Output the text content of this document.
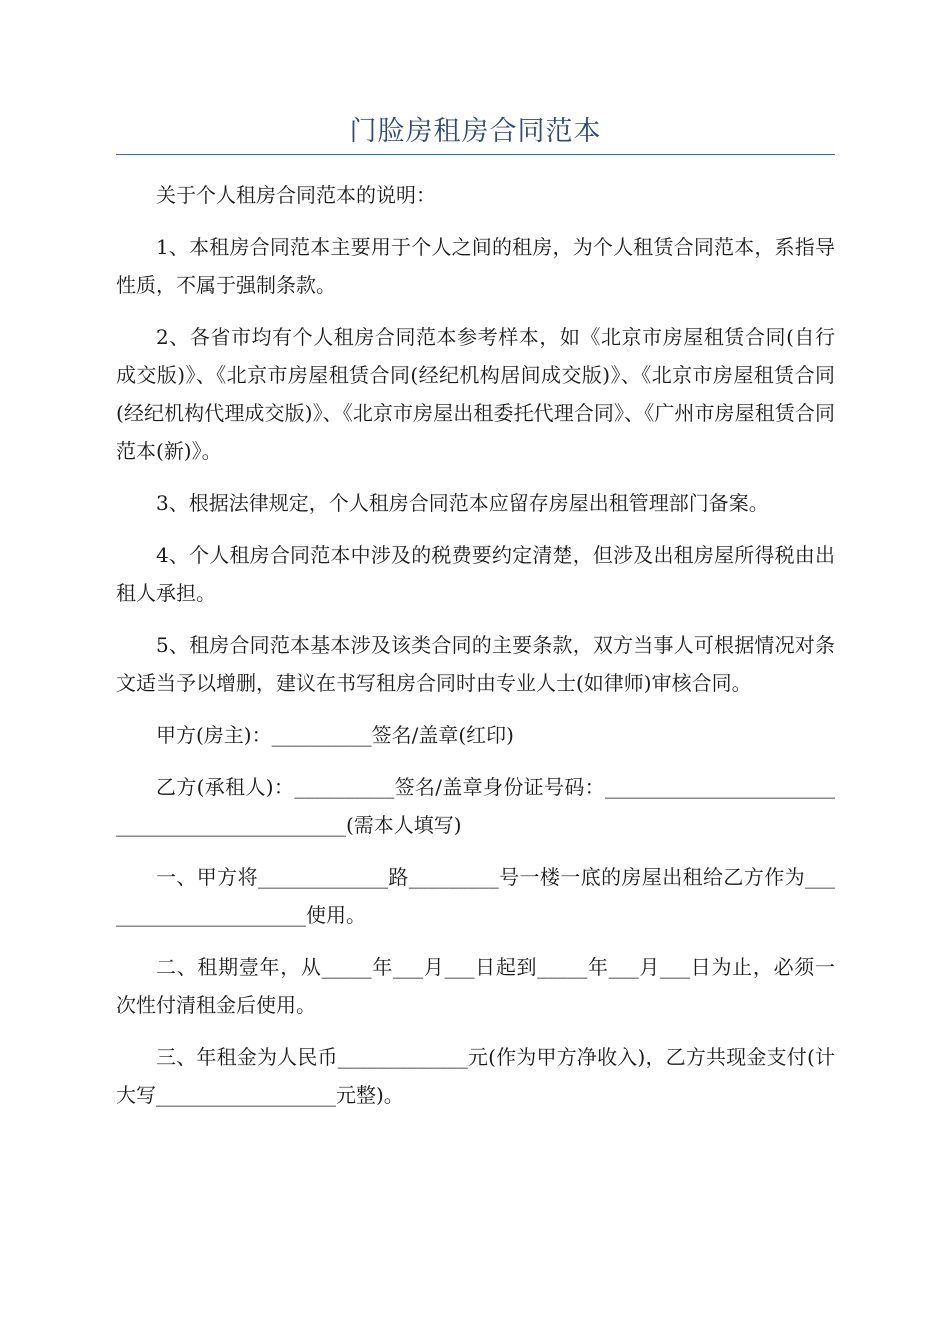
门脸房租房合同范本

关于个人租房合同范本的说明：

1、本租房合同范本主要用于个人之间的租房，为个人租赁合同范本，系指导性质，不属于强制条款。

2、各省市均有个人租房合同范本参考样本，如《北京市房屋租赁合同(自行成交版)》、《北京市房屋租赁合同(经纪机构居间成交版)》、《北京市房屋租赁合同(经纪机构代理成交版)》、《北京市房屋出租委托代理合同》、《广州市房屋租赁合同范本(新)》。

3、根据法律规定，个人租房合同范本应留存房屋出租管理部门备案。

4、个人租房合同范本中涉及的税费要约定清楚，但涉及出租房屋所得税由出租人承担。

5、租房合同范本基本涉及该类合同的主要条款，双方当事人可根据情况对条文适当予以增删，建议在书写租房合同时由专业人士(如律师)审核合同。

甲方(房主)：__________签名/盖章(红印)

乙方(承租人)：__________签名/盖章身份证号码：______________________________________________(需本人填写)

一、甲方将_____________路_________号一楼一底的房屋出租给乙方作为______________________使用。

二、租期壹年，从_____年___月___日起到_____年___月___日为止，必须一次性付清租金后使用。

三、年租金为人民币_____________元(作为甲方净收入)，乙方共现金支付(计大写__________________元整)。
